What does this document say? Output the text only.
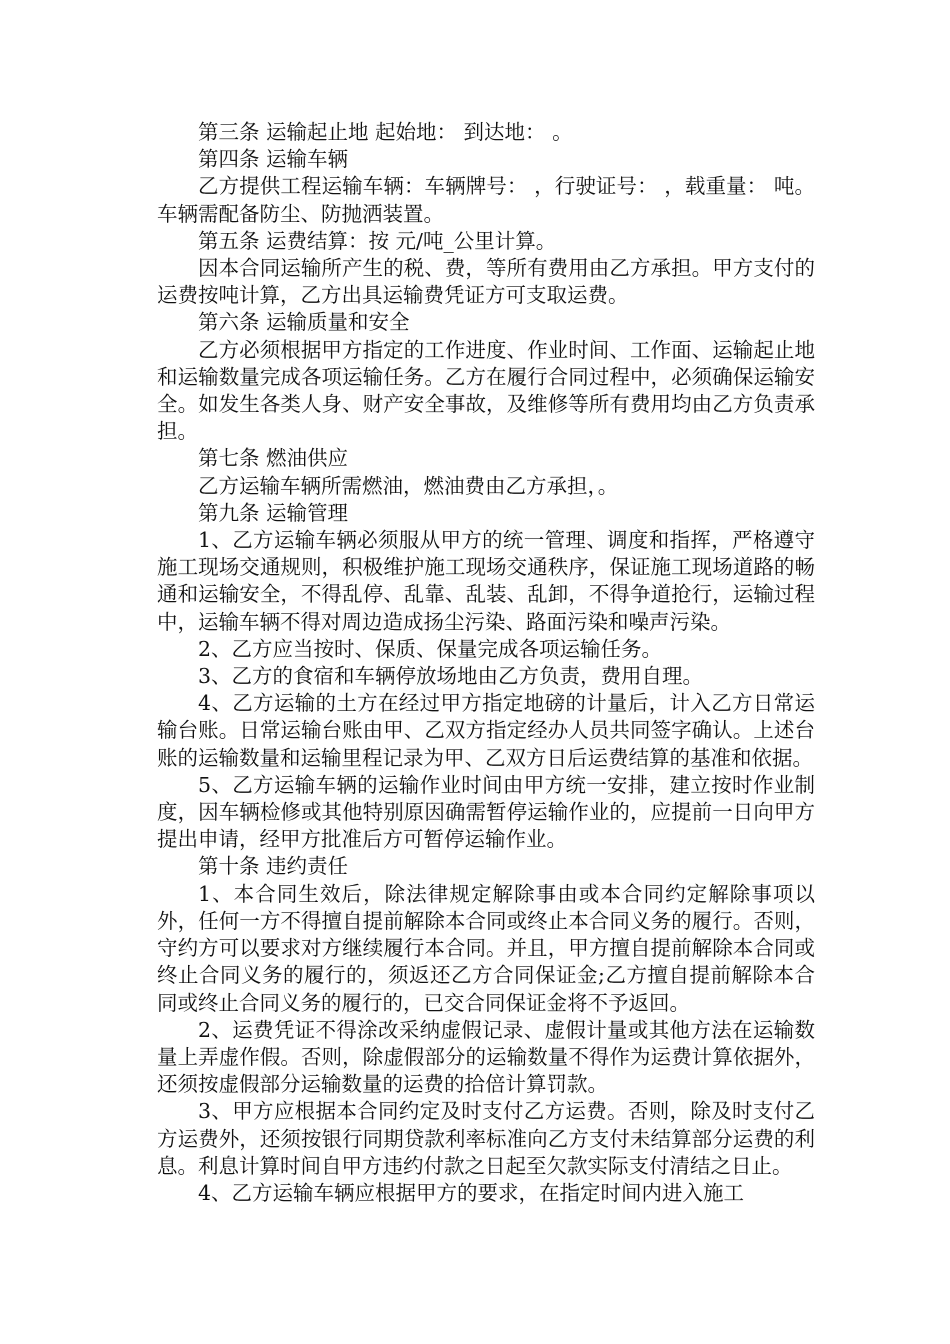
第三条 运输起止地 起始地： 到达地： 。

第四条 运输车辆

乙方提供工程运输车辆：车辆牌号： ，行驶证号： ，载重量： 吨。车辆需配备防尘、防抛洒装置。

第五条 运费结算：按 元/吨_公里计算。

因本合同运输所产生的税、费，等所有费用由乙方承担。甲方支付的运费按吨计算，乙方出具运输费凭证方可支取运费。

第六条 运输质量和安全

乙方必须根据甲方指定的工作进度、作业时间、工作面、运输起止地和运输数量完成各项运输任务。乙方在履行合同过程中，必须确保运输安全。如发生各类人身、财产安全事故，及维修等所有费用均由乙方负责承担。

第七条 燃油供应

乙方运输车辆所需燃油，燃油费由乙方承担，。

第九条 运输管理

1、乙方运输车辆必须服从甲方的统一管理、调度和指挥，严格遵守施工现场交通规则，积极维护施工现场交通秩序，保证施工现场道路的畅通和运输安全，不得乱停、乱靠、乱装、乱卸，不得争道抢行，运输过程中，运输车辆不得对周边造成扬尘污染、路面污染和噪声污染。

2、乙方应当按时、保质、保量完成各项运输任务。

3、乙方的食宿和车辆停放场地由乙方负责，费用自理。

4、乙方运输的土方在经过甲方指定地磅的计量后，计入乙方日常运输台账。日常运输台账由甲、乙双方指定经办人员共同签字确认。上述台账的运输数量和运输里程记录为甲、乙双方日后运费结算的基准和依据。

5、乙方运输车辆的运输作业时间由甲方统一安排，建立按时作业制度，因车辆检修或其他特别原因确需暂停运输作业的，应提前一日向甲方提出申请，经甲方批准后方可暂停运输作业。

第十条 违约责任

1、本合同生效后，除法律规定解除事由或本合同约定解除事项以外，任何一方不得擅自提前解除本合同或终止本合同义务的履行。否则，守约方可以要求对方继续履行本合同。并且，甲方擅自提前解除本合同或终止合同义务的履行的，须返还乙方合同保证金;乙方擅自提前解除本合同或终止合同义务的履行的，已交合同保证金将不予返回。

2、运费凭证不得涂改采纳虚假记录、虚假计量或其他方法在运输数量上弄虚作假。否则，除虚假部分的运输数量不得作为运费计算依据外，还须按虚假部分运输数量的运费的拾倍计算罚款。

3、甲方应根据本合同约定及时支付乙方运费。否则，除及时支付乙方运费外，还须按银行同期贷款利率标准向乙方支付未结算部分运费的利息。利息计算时间自甲方违约付款之日起至欠款实际支付清结之日止。

4、乙方运输车辆应根据甲方的要求，在指定时间内进入施工
